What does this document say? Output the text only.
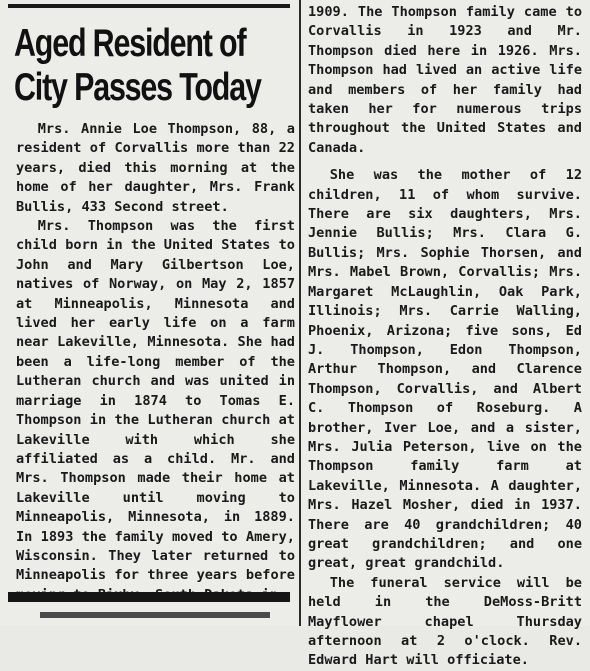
Aged Resident of
City Passes Today

Mrs. Annie Loe Thompson, 88, a resident of Corvallis more than 22 years, died this morning at the home of her daughter, Mrs. Frank Bullis, 433 Second street.

Mrs. Thompson was the first child born in the United States to John and Mary Gilbertson Loe, natives of Norway, on May 2, 1857 at Minneapolis, Minnesota and lived her early life on a farm near Lakeville, Minnesota. She had been a life-long member of the Lutheran church and was united in marriage in 1874 to Tomas E. Thompson in the Lutheran church at Lakeville with which she affiliated as a child. Mr. and Mrs. Thompson made their home at Lakeville until moving to Minneapolis, Minnesota, in 1889. In 1893 the family moved to Amery, Wisconsin. They later returned to Minneapolis for three years before

1909. The Thompson family came to Corvallis in 1923 and Mr. Thompson died here in 1926. Mrs. Thompson had lived an active life and members of her family had taken her for numerous trips throughout the United States and Canada.

She was the mother of 12 children, 11 of whom survive. There are six daughters, Mrs. Jennie Bullis; Mrs. Clara G. Bullis; Mrs. Sophie Thorsen, and Mrs. Mabel Brown, Corvallis; Mrs. Margaret McLaughlin, Oak Park, Illinois; Mrs. Carrie Walling, Phoenix, Arizona; five sons, Ed J. Thompson, Edon Thompson, Arthur Thompson, and Clarence Thompson, Corvallis, and Albert C. Thompson of Roseburg. A brother, Iver Loe, and a sister, Mrs. Julia Peterson, live on the Thompson family farm at Lakeville, Minnesota. A daughter, Mrs. Hazel Mosher, died in 1937. There are 40 grandchildren; 40 great grandchildren; and one great, great grandchild.

The funeral service will be held in the DeMoss-Britt Mayflower chapel Thursday afternoon at 2 o'clock. Rev. Edward Hart will officiate.
